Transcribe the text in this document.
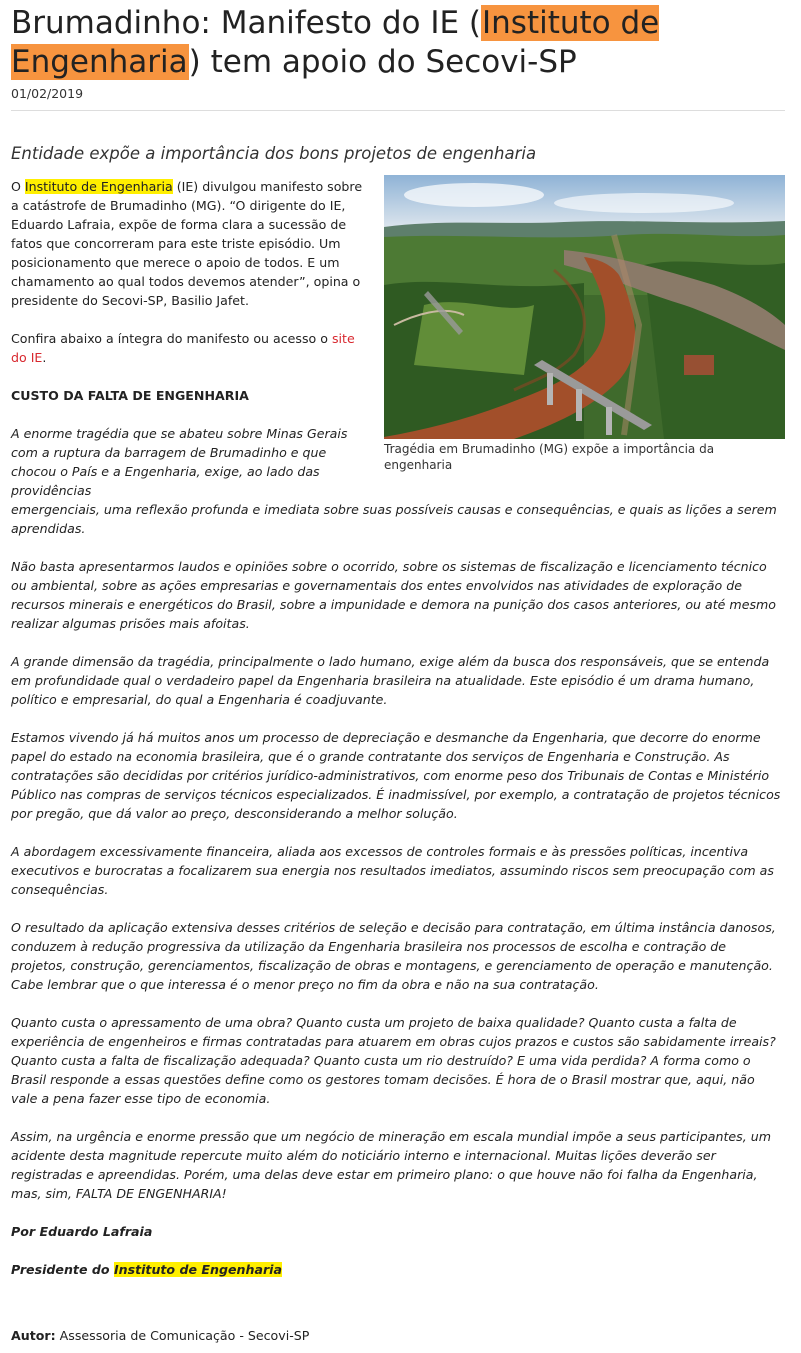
Brumadinho: Manifesto do IE (Instituto de Engenharia) tem apoio do Secovi-SP
01/02/2019
Entidade expõe a importância dos bons projetos de engenharia
Tragédia em Brumadinho (MG) expõe a importância da engenharia

O Instituto de Engenharia (IE) divulgou manifesto sobre a catástrofe de Brumadinho (MG). “O dirigente do IE, Eduardo Lafraia, expõe de forma clara a sucessão de fatos que concorreram para este triste episódio. Um posicionamento que merece o apoio de todos. E um chamamento ao qual todos devemos atender”, opina o presidente do Secovi-SP, Basilio Jafet.

Confira abaixo a íntegra do manifesto ou acesso o site do IE.

CUSTO DA FALTA DE ENGENHARIA

A enorme tragédia que se abateu sobre Minas Gerais com a ruptura da barragem de Brumadinho e que chocou o País e a Engenharia, exige, ao lado das providências

emergenciais, uma reflexão profunda e imediata sobre suas possíveis causas e consequências, e quais as lições a serem aprendidas.

Não basta apresentarmos laudos e opiniões sobre o ocorrido, sobre os sistemas de fiscalização e licenciamento técnico ou ambiental, sobre as ações empresarias e governamentais dos entes envolvidos nas atividades de exploração de recursos minerais e energéticos do Brasil, sobre a impunidade e demora na punição dos casos anteriores, ou até mesmo realizar algumas prisões mais afoitas.

A grande dimensão da tragédia, principalmente o lado humano, exige além da busca dos responsáveis, que se entenda em profundidade qual o verdadeiro papel da Engenharia brasileira na atualidade. Este episódio é um drama humano, político e empresarial, do qual a Engenharia é coadjuvante.

Estamos vivendo já há muitos anos um processo de depreciação e desmanche da Engenharia, que decorre do enorme papel do estado na economia brasileira, que é o grande contratante dos serviços de Engenharia e Construção. As contratações são decididas por critérios jurídico-administrativos, com enorme peso dos Tribunais de Contas e Ministério Público nas compras de serviços técnicos especializados. É inadmissível, por exemplo, a contratação de projetos técnicos por pregão, que dá valor ao preço, desconsiderando a melhor solução.

A abordagem excessivamente financeira, aliada aos excessos de controles formais e às pressões políticas, incentiva executivos e burocratas a focalizarem sua energia nos resultados imediatos, assumindo riscos sem preocupação com as consequências.

O resultado da aplicação extensiva desses critérios de seleção e decisão para contratação, em última instância danosos, conduzem à redução progressiva da utilização da Engenharia brasileira nos processos de escolha e contração de projetos, construção, gerenciamentos, fiscalização de obras e montagens, e gerenciamento de operação e manutenção. Cabe lembrar que o que interessa é o menor preço no fim da obra e não na sua contratação.

Quanto custa o apressamento de uma obra? Quanto custa um projeto de baixa qualidade? Quanto custa a falta de experiência de engenheiros e firmas contratadas para atuarem em obras cujos prazos e custos são sabidamente irreais? Quanto custa a falta de fiscalização adequada? Quanto custa um rio destruído? E uma vida perdida? A forma como o Brasil responde a essas questões define como os gestores tomam decisões. É hora de o Brasil mostrar que, aqui, não vale a pena fazer esse tipo de economia.

Assim, na urgência e enorme pressão que um negócio de mineração em escala mundial impõe a seus participantes, um acidente desta magnitude repercute muito além do noticiário interno e internacional. Muitas lições deverão ser registradas e apreendidas. Porém, uma delas deve estar em primeiro plano: o que houve não foi falha da Engenharia, mas, sim, FALTA DE ENGENHARIA!

Por Eduardo Lafraia

Presidente do Instituto de Engenharia

Autor: Assessoria de Comunicação - Secovi-SP
